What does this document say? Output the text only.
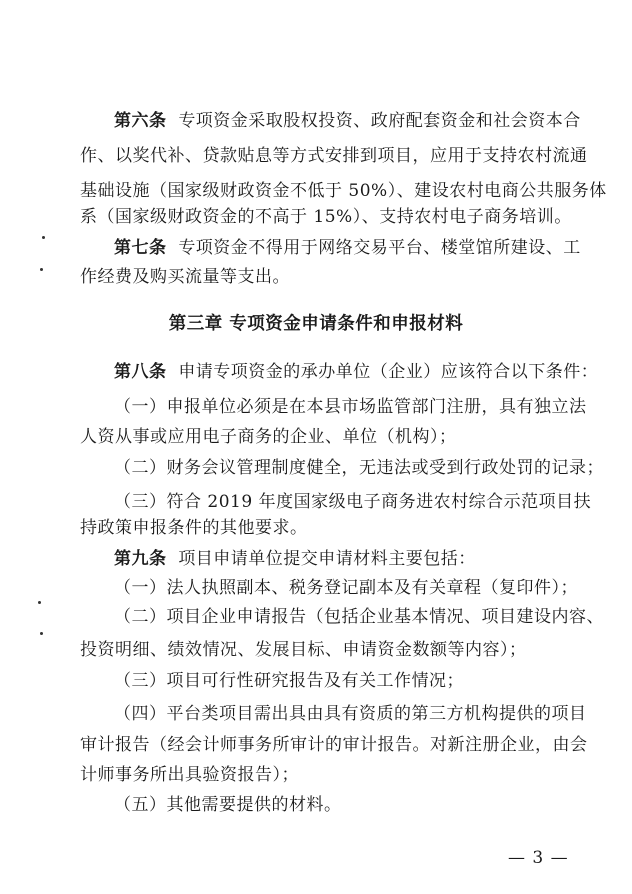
第六条 专项资金采取股权投资、政府配套资金和社会资本合
作、以奖代补、贷款贴息等方式安排到项目，应用于支持农村流通
基础设施（国家级财政资金不低于 50%）、建设农村电商公共服务体
系（国家级财政资金的不高于 15%）、支持农村电子商务培训。
第七条 专项资金不得用于网络交易平台、楼堂馆所建设、工
作经费及购买流量等支出。
第三章 专项资金申请条件和申报材料
第八条 申请专项资金的承办单位（企业）应该符合以下条件：
（一）申报单位必须是在本县市场监管部门注册，具有独立法
人资从事或应用电子商务的企业、单位（机构）；
（二）财务会议管理制度健全，无违法或受到行政处罚的记录；
（三）符合 2019 年度国家级电子商务进农村综合示范项目扶
持政策申报条件的其他要求。
第九条 项目申请单位提交申请材料主要包括：
（一）法人执照副本、税务登记副本及有关章程（复印件）；
（二）项目企业申请报告（包括企业基本情况、项目建设内容、
投资明细、绩效情况、发展目标、申请资金数额等内容）；
（三）项目可行性研究报告及有关工作情况；
（四）平台类项目需出具由具有资质的第三方机构提供的项目
审计报告（经会计师事务所审计的审计报告。对新注册企业，由会
计师事务所出具验资报告）；
（五）其他需要提供的材料。
— 3 —
